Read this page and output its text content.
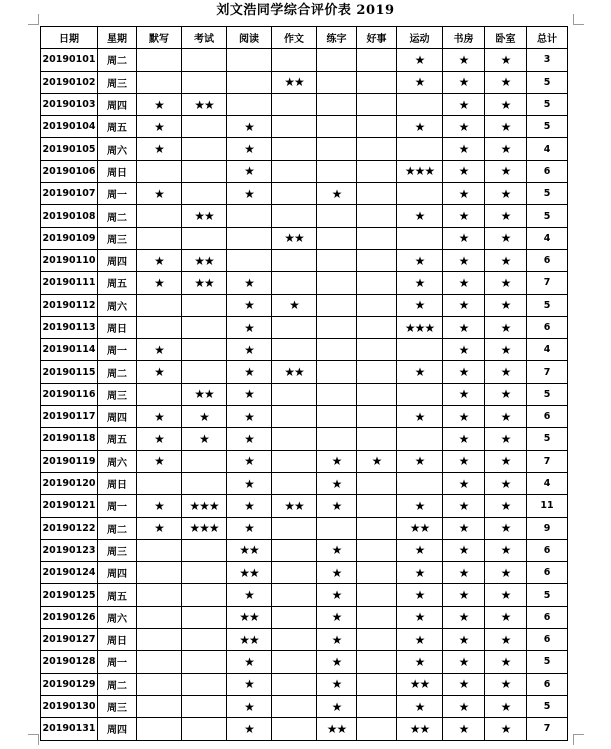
刘文浩同学综合评价表 2019
日期	星期	默写	考试	阅读	作文	练字	好事	运动	书房	卧室	总计
20190101	周二							★	★	★	3
20190102	周三				★★			★	★	★	5
20190103	周四	★	★★						★	★	5
20190104	周五	★		★				★	★	★	5
20190105	周六	★		★					★	★	4
20190106	周日			★				★★★	★	★	6
20190107	周一	★		★		★			★	★	5
20190108	周二		★★					★	★	★	5
20190109	周三				★★				★	★	4
20190110	周四	★	★★					★	★	★	6
20190111	周五	★	★★	★				★	★	★	7
20190112	周六			★	★			★	★	★	5
20190113	周日			★				★★★	★	★	6
20190114	周一	★		★					★	★	4
20190115	周二	★		★	★★			★	★	★	7
20190116	周三		★★	★					★	★	5
20190117	周四	★	★	★				★	★	★	6
20190118	周五	★	★	★					★	★	5
20190119	周六	★		★		★	★	★	★	★	7
20190120	周日			★		★			★	★	4
20190121	周一	★	★★★	★	★★	★		★	★	★	11
20190122	周二	★	★★★	★				★★	★	★	9
20190123	周三			★★		★		★	★	★	6
20190124	周四			★★		★		★	★	★	6
20190125	周五			★		★		★	★	★	5
20190126	周六			★★		★		★	★	★	6
20190127	周日			★★		★		★	★	★	6
20190128	周一			★		★		★	★	★	5
20190129	周二			★		★		★★	★	★	6
20190130	周三			★		★		★	★	★	5
20190131	周四			★		★★		★★	★	★	7
